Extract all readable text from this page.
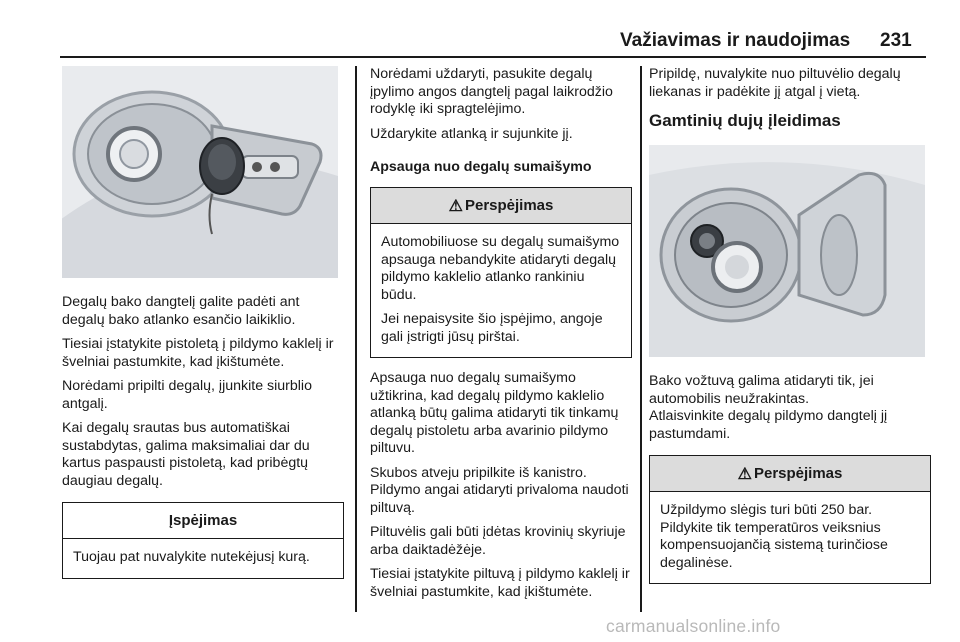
Važiavimas ir naudojimas 231

Degalų bako dangtelį galite padėti ant degalų bako atlanko esančio laikiklio.

Tiesiai įstatykite pistoletą į pildymo kaklelį ir švelniai pastumkite, kad įkištumėte.

Norėdami pripilti degalų, įjunkite siurblio antgalį.

Kai degalų srautas bus automatiškai sustabdytas, galima maksimaliai dar du kartus paspausti pistoletą, kad pribėgtų daugiau degalų.

Įspėjimas

Tuojau pat nuvalykite nutekėjusį kurą.

Norėdami uždaryti, pasukite degalų įpylimo angos dangtelį pagal laikrodžio rodyklę iki spragtelėjimo.

Uždarykite atlanką ir sujunkite jį.

Apsauga nuo degalų sumaišymo
⚠ Perspėjimas

Automobiliuose su degalų sumaišymo apsauga nebandykite atidaryti degalų pildymo kaklelio atlanko rankiniu būdu.

Jei nepaisysite šio įspėjimo, angoje gali įstrigti jūsų pirštai.

Apsauga nuo degalų sumaišymo užtikrina, kad degalų pildymo kaklelio atlanką būtų galima atidaryti tik tinkamų degalų pistoletu arba avarinio pildymo piltuvu.

Skubos atveju pripilkite iš kanistro. Pildymo angai atidaryti privaloma naudoti piltuvą.

Piltuvėlis gali būti įdėtas krovinių skyriuje arba daiktadėžėje.

Tiesiai įstatykite piltuvą į pildymo kaklelį ir švelniai pastumkite, kad įkištumėte.

Pripildę, nuvalykite nuo piltuvėlio degalų liekanas ir padėkite jį atgal į vietą.

Gamtinių dujų įleidimas

Bako vožtuvą galima atidaryti tik, jei automobilis neužrakintas.

Atlaisvinkite degalų pildymo dangtelį jį pastumdami.

⚠ Perspėjimas

Užpildymo slėgis turi būti 250 bar. Pildykite tik temperatūros veiksnius kompensuojančią sistemą turinčiose degalinėse.

carmanualsonline.info
